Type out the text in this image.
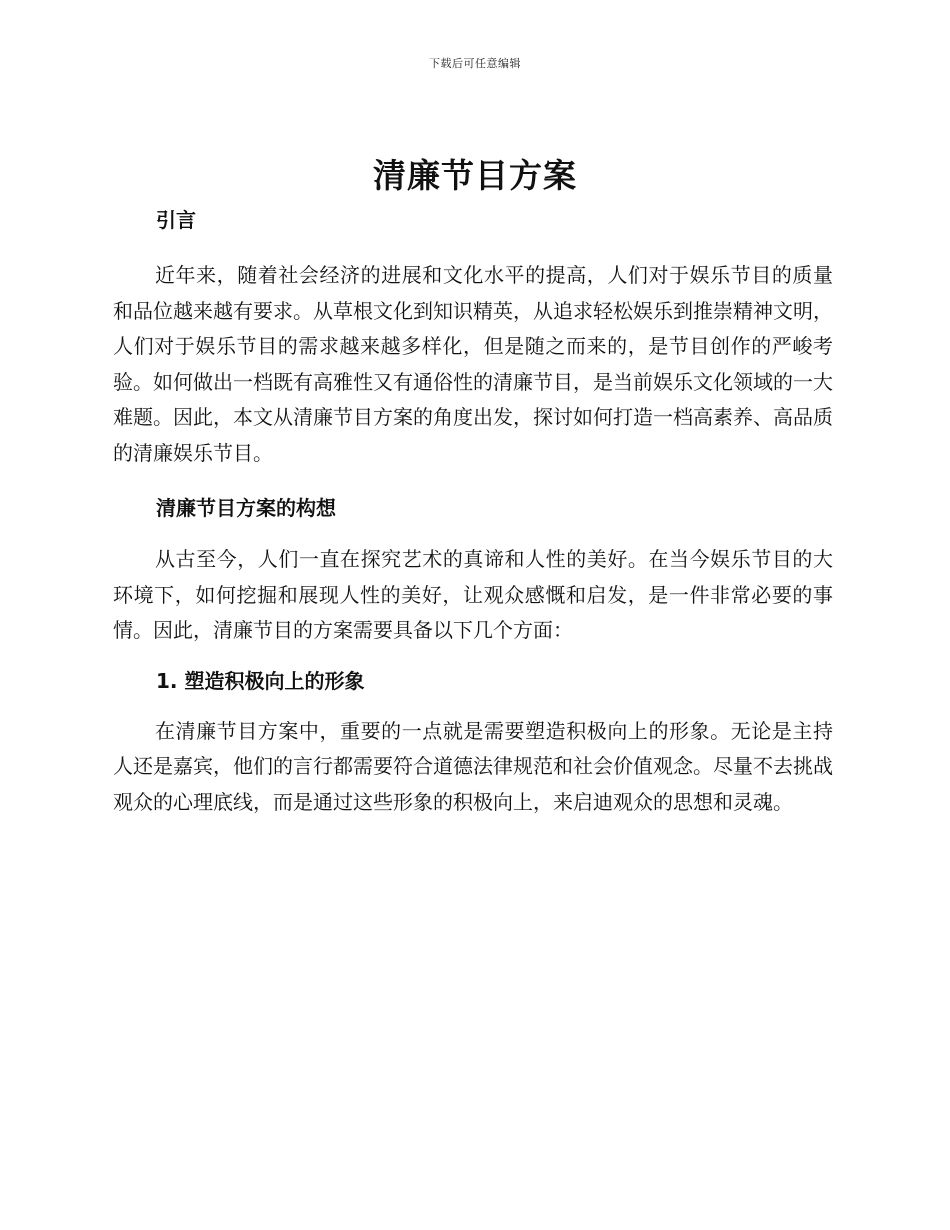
下载后可任意编辑
清廉节目方案
引言

近年来，随着社会经济的进展和文化水平的提高，人们对于娱乐节目的质量和品位越来越有要求。从草根文化到知识精英，从追求轻松娱乐到推崇精神文明，人们对于娱乐节目的需求越来越多样化，但是随之而来的，是节目创作的严峻考验。如何做出一档既有高雅性又有通俗性的清廉节目，是当前娱乐文化领域的一大难题。因此，本文从清廉节目方案的角度出发，探讨如何打造一档高素养、高品质的清廉娱乐节目。

清廉节目方案的构想

从古至今，人们一直在探究艺术的真谛和人性的美好。在当今娱乐节目的大环境下，如何挖掘和展现人性的美好，让观众感慨和启发，是一件非常必要的事情。因此，清廉节目的方案需要具备以下几个方面：

1. 塑造积极向上的形象

在清廉节目方案中，重要的一点就是需要塑造积极向上的形象。无论是主持人还是嘉宾，他们的言行都需要符合道德法律规范和社会价值观念。尽量不去挑战观众的心理底线，而是通过这些形象的积极向上，来启迪观众的思想和灵魂。
